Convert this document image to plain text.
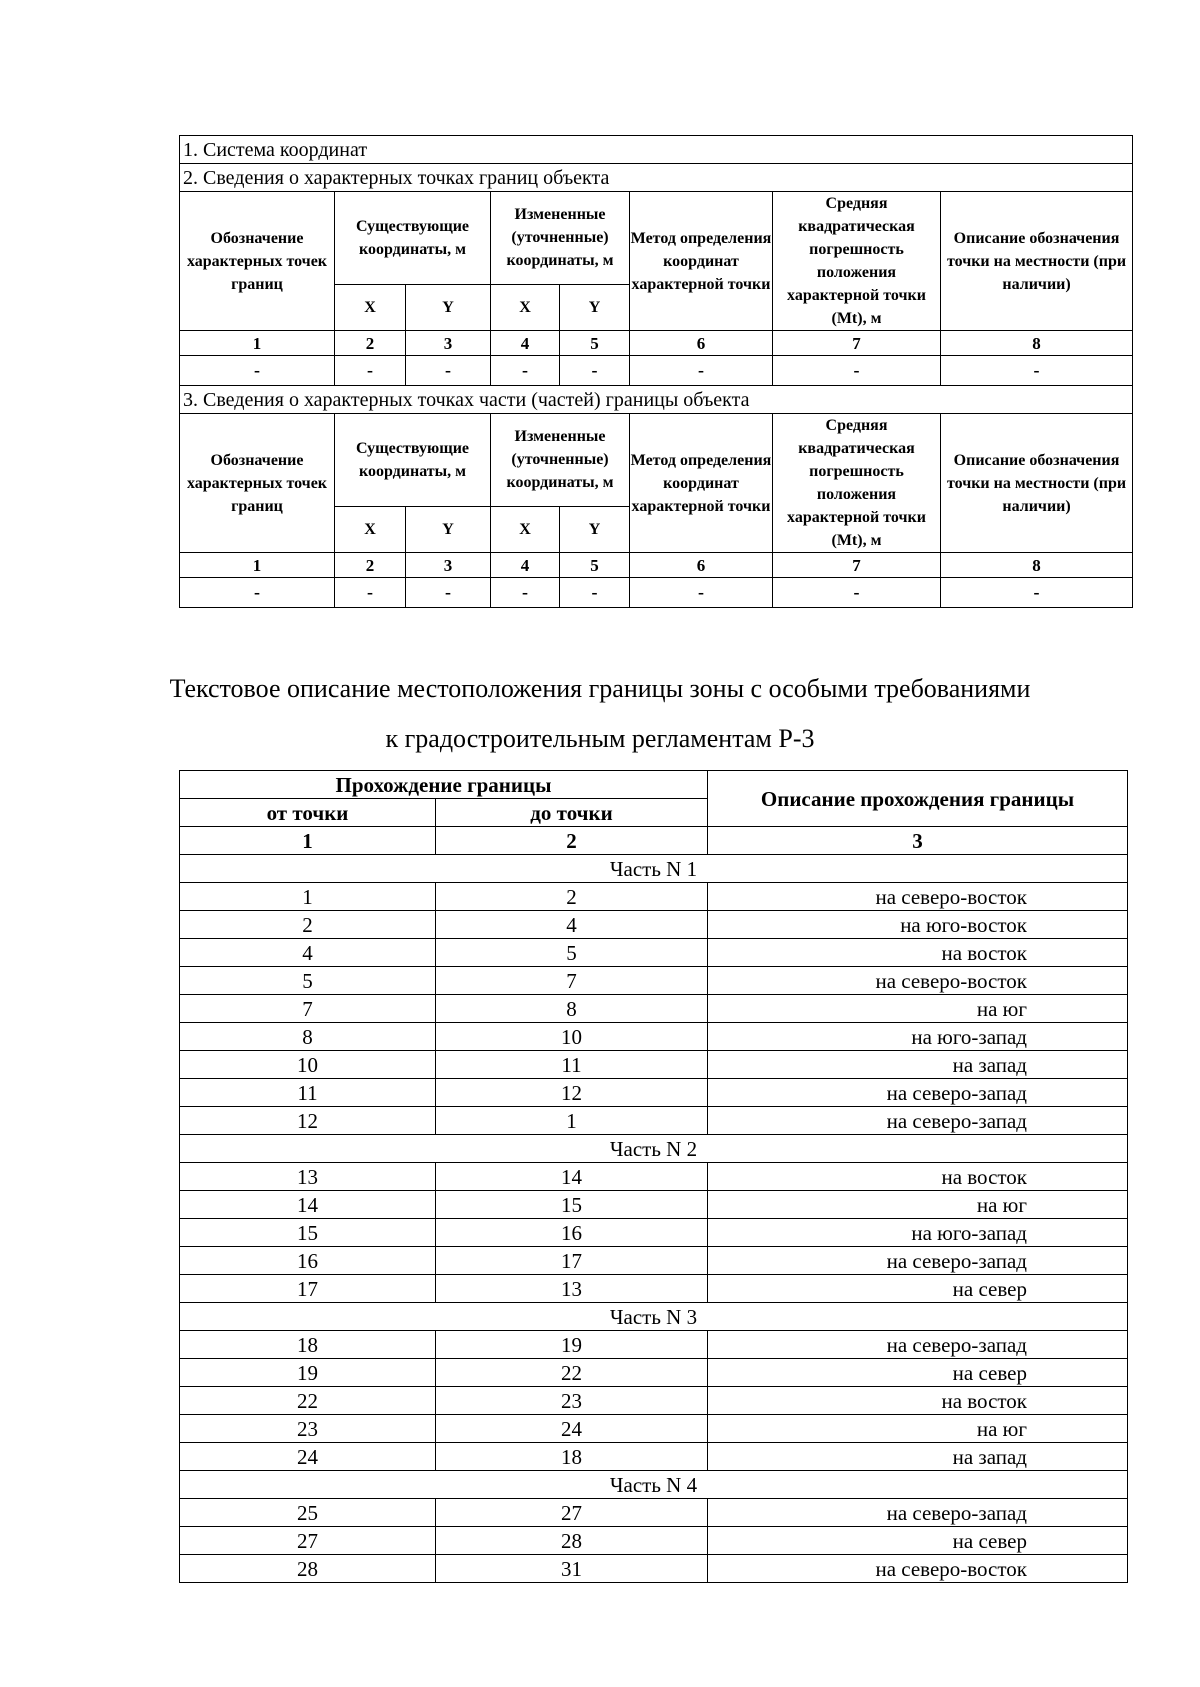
1. Система координат							
2. Сведения о характерных точках границ объекта							
Обозначение характерных точек границ	Существующие координаты, м		Измененные (уточненные) координаты, м		Метод определения координат характерной точки	Средняя квадратическая погрешность положения характерной точки (Mt), м	Описание обозначения точки на местности (при наличии)
	X	Y	X	Y			
1	2	3	4	5	6	7	8
-	-	-	-	-	-	-	-
3. Сведения о характерных точках части (частей) границы объекта							
Обозначение характерных точек границ	Существующие координаты, м		Измененные (уточненные) координаты, м		Метод определения координат характерной точки	Средняя квадратическая погрешность положения характерной точки (Mt), м	Описание обозначения точки на местности (при наличии)
	X	Y	X	Y			
1	2	3	4	5	6	7	8
-	-	-	-	-	-	-	-
Текстовое описание местоположения границы зоны с особыми требованиями
к градостроительным регламентам Р-3
Прохождение границы		Описание прохождения границы
от точки	до точки	
1	2	3
Часть N 1		
1	2	на северо-восток
2	4	на юго-восток
4	5	на восток
5	7	на северо-восток
7	8	на юг
8	10	на юго-запад
10	11	на запад
11	12	на северо-запад
12	1	на северо-запад
Часть N 2		
13	14	на восток
14	15	на юг
15	16	на юго-запад
16	17	на северо-запад
17	13	на север
Часть N 3		
18	19	на северо-запад
19	22	на север
22	23	на восток
23	24	на юг
24	18	на запад
Часть N 4		
25	27	на северо-запад
27	28	на север
28	31	на северо-восток
